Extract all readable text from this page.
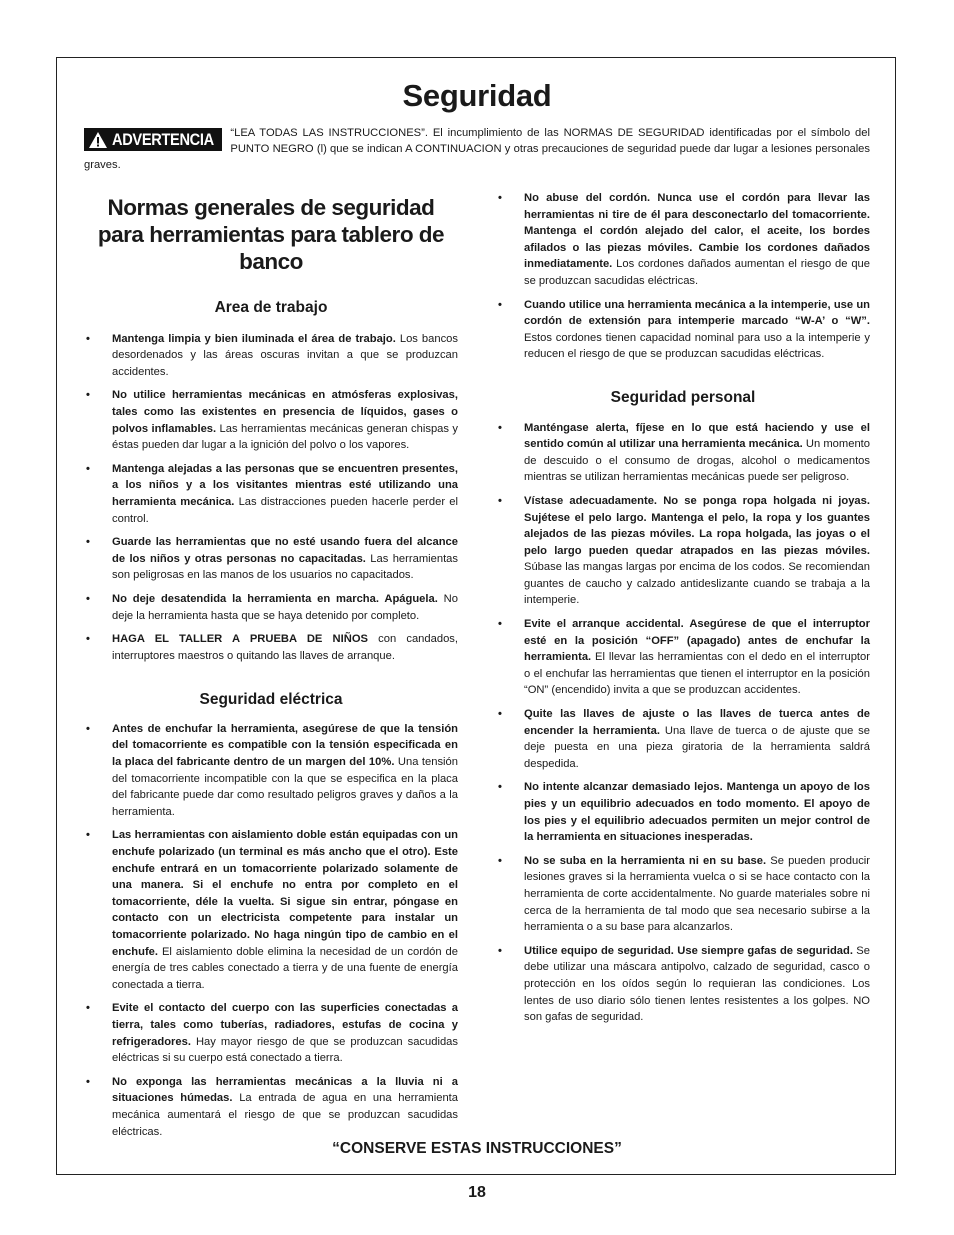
Seguridad
ADVERTENCIA “LEA TODAS LAS INSTRUCCIONES”. El incumplimiento de las NORMAS DE SEGURIDAD identificadas por el símbolo del PUNTO NEGRO (l) que se indican A CONTINUACION y otras precauciones de seguridad puede dar lugar a lesiones personales graves.
Normas generales de seguridad para herramientas para tablero de banco
Area de trabajo
• Mantenga limpia y bien iluminada el área de trabajo. Los bancos desordenados y las áreas oscuras invitan a que se produzcan accidentes.
• No utilice herramientas mecánicas en atmósferas explosivas, tales como las existentes en presencia de líquidos, gases o polvos inflamables. Las herramientas mecánicas generan chispas y éstas pueden dar lugar a la ignición del polvo o los vapores.
• Mantenga alejadas a las personas que se encuentren presentes, a los niños y a los visitantes mientras esté utilizando una herramienta mecánica. Las distracciones pueden hacerle perder el control.
• Guarde las herramientas que no esté usando fuera del alcance de los niños y otras personas no capacitadas. Las herramientas son peligrosas en las manos de los usuarios no capacitados.
• No deje desatendida la herramienta en marcha. Apáguela. No deje la herramienta hasta que se haya detenido por completo.
• HAGA EL TALLER A PRUEBA DE NIÑOS con candados, interruptores maestros o quitando las llaves de arranque.
Seguridad eléctrica
• Antes de enchufar la herramienta, asegúrese de que la tensión del tomacorriente es compatible con la tensión especificada en la placa del fabricante dentro de un margen del 10%. Una tensión del tomacorriente incompatible con la que se especifica en la placa del fabricante puede dar como resultado peligros graves y daños a la herramienta.
• Las herramientas con aislamiento doble están equipadas con un enchufe polarizado (un terminal es más ancho que el otro). Este enchufe entrará en un tomacorriente polarizado solamente de una manera. Si el enchufe no entra por completo en el tomacorriente, déle la vuelta. Si sigue sin entrar, póngase en contacto con un electricista competente para instalar un tomacorriente polarizado. No haga ningún tipo de cambio en el enchufe. El aislamiento doble elimina la necesidad de un cordón de energía de tres cables conectado a tierra y de una fuente de energía conectada a tierra.
• Evite el contacto del cuerpo con las superficies conectadas a tierra, tales como tuberías, radiadores, estufas de cocina y refrigeradores. Hay mayor riesgo de que se produzcan sacudidas eléctricas si su cuerpo está conectado a tierra.
• No exponga las herramientas mecánicas a la lluvia ni a situaciones húmedas. La entrada de agua en una herramienta mecánica aumentará el riesgo de que se produzcan sacudidas eléctricas.
• No abuse del cordón. Nunca use el cordón para llevar las herramientas ni tire de él para desconectarlo del tomacorriente. Mantenga el cordón alejado del calor, el aceite, los bordes afilados o las piezas móviles. Cambie los cordones dañados inmediatamente. Los cordones dañados aumentan el riesgo de que se produzcan sacudidas eléctricas.
• Cuando utilice una herramienta mecánica a la intemperie, use un cordón de extensión para intemperie marcado “W-A’ o “W”. Estos cordones tienen capacidad nominal para uso a la intemperie y reducen el riesgo de que se produzcan sacudidas eléctricas.
Seguridad personal
• Manténgase alerta, fíjese en lo que está haciendo y use el sentido común al utilizar una herramienta mecánica. Un momento de descuido o el consumo de drogas, alcohol o medicamentos mientras se utilizan herramientas mecánicas puede ser peligroso.
• Vístase adecuadamente. No se ponga ropa holgada ni joyas. Sujétese el pelo largo. Mantenga el pelo, la ropa y los guantes alejados de las piezas móviles. La ropa holgada, las joyas o el pelo largo pueden quedar atrapados en las piezas móviles. Súbase las mangas largas por encima de los codos. Se recomiendan guantes de caucho y calzado antideslizante cuando se trabaja a la intemperie.
• Evite el arranque accidental. Asegúrese de que el interruptor esté en la posición “OFF” (apagado) antes de enchufar la herramienta. El llevar las herramientas con el dedo en el interruptor o el enchufar las herramientas que tienen el interruptor en la posición “ON” (encendido) invita a que se produzcan accidentes.
• Quite las llaves de ajuste o las llaves de tuerca antes de encender la herramienta. Una llave de tuerca o de ajuste que se deje puesta en una pieza giratoria de la herramienta saldrá despedida.
• No intente alcanzar demasiado lejos. Mantenga un apoyo de los pies y un equilibrio adecuados en todo momento. El apoyo de los pies y el equilibrio adecuados permiten un mejor control de la herramienta en situaciones inesperadas.
• No se suba en la herramienta ni en su base. Se pueden producir lesiones graves si la herramienta vuelca o si se hace contacto con la herramienta de corte accidentalmente. No guarde materiales sobre ni cerca de la herramienta de tal modo que sea necesario subirse a la herramienta o a su base para alcanzarlos.
• Utilice equipo de seguridad. Use siempre gafas de seguridad. Se debe utilizar una máscara antipolvo, calzado de seguridad, casco o protección en los oídos según lo requieran las condiciones. Los lentes de uso diario sólo tienen lentes resistentes a los golpes. NO son gafas de seguridad.
“CONSERVE ESTAS INSTRUCCIONES”
18
